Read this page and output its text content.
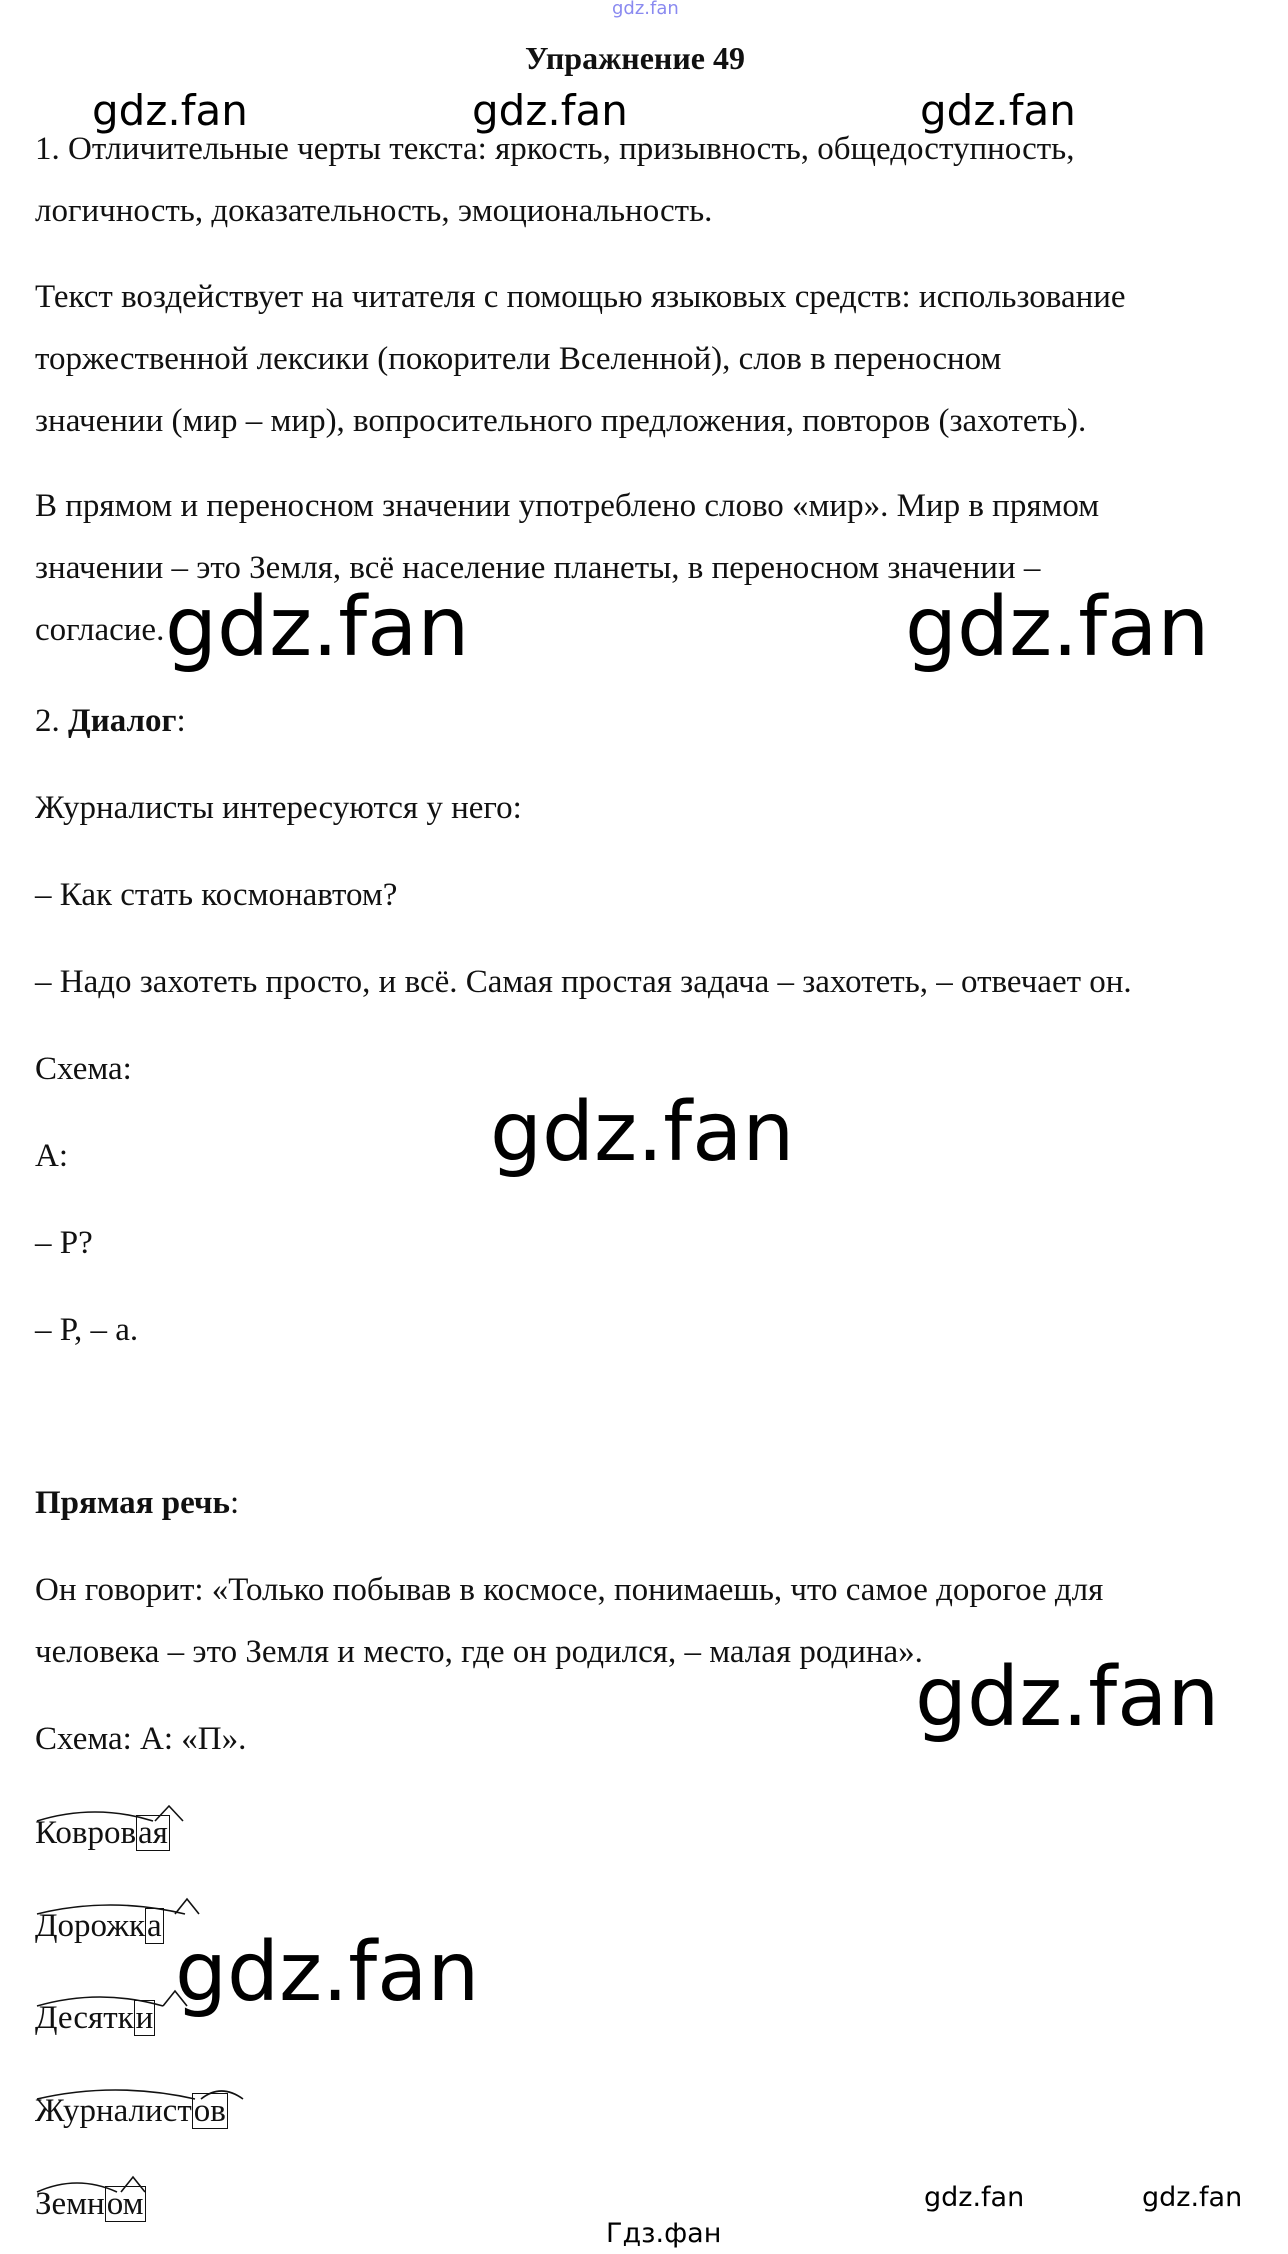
gdz.fan
gdz.fan	gdz.fan	gdz.fan
gdz.fan	gdz.fan
gdz.fan
gdz.fan
gdz.fan
gdz.fan	gdz.fan
Гдз.фан
Упражнение 49

1. Отличительные черты текста: яркость, призывность, общедоступность,

логичность, доказательность, эмоциональность.

Текст воздействует на читателя с помощью языковых средств: использование

торжественной лексики (покорители Вселенной), слов в переносном

значении (мир – мир), вопросительного предложения, повторов (захотеть).

В прямом и переносном значении употреблено слово «мир». Мир в прямом

значении – это Земля, всё население планеты, в переносном значении –

согласие.

2. Диалог:

Журналисты интересуются у него:

– Как стать космонавтом?

– Надо захотеть просто, и всё. Самая простая задача – захотеть, – отвечает он.

Схема:

А:

– Р?

– Р, – а.

Прямая речь:

Он говорит: «Только побывав в космосе, понимаешь, что самое дорогое для

человека – это Земля и место, где он родился, – малая родина».

Схема: А: «П».

Ковровая
Дорожка
Десятки
Журналистов
Земном
